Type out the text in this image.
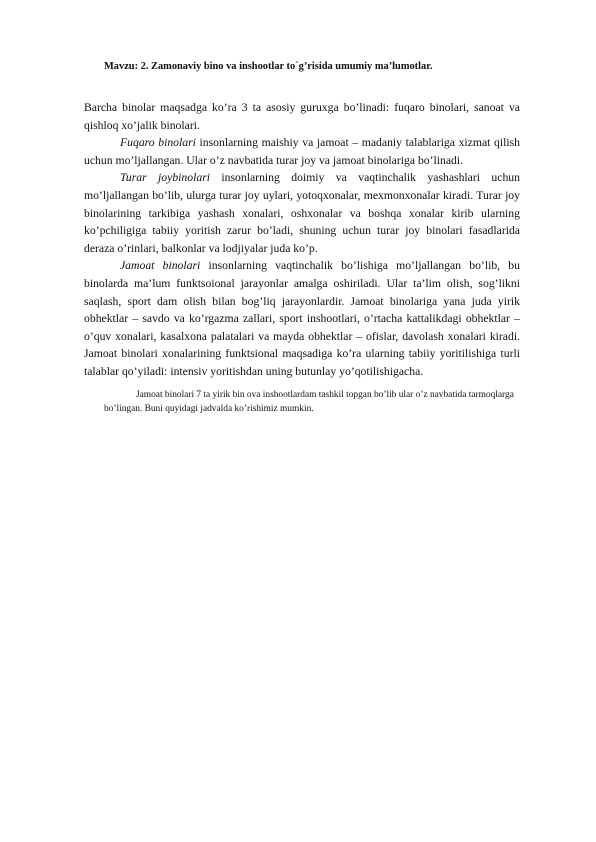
Mavzu: 2. Zamonaviy bino va inshootlar to`g’risida umumiy ma’lumotlar.

Barcha binolar maqsadga ko’ra 3 ta asosiy guruxga bo’linadi: fuqaro binolari, sanoat va qishloq xo’jalik binolari.

Fuqaro binolari insonlarning maishiy va jamoat – madaniy talablariga xizmat qilish uchun mo’ljallangan. Ular o’z navbatida turar joy va jamoat binolariga bo’linadi.

Turar joybinolari insonlarning doimiy va vaqtinchalik yashashlari uchun mo’ljallangan bo’lib, ulurga turar joy uylari, yotoqxonalar, mexmonxonalar kiradi. Turar joy binolarining tarkibiga yashash xonalari, oshxonalar va boshqa xonalar kirib ularning ko’pchiligiga tabiiy yoritish zarur bo’ladi, shuning uchun turar joy binolari fasadlarida deraza o’rinlari, balkonlar va lodjiyalar juda ko’p.

Jamoat binolari insonlarning vaqtinchalik bo’lishiga mo’ljallangan bo’lib, bu binolarda ma’lum funktsoional jarayonlar amalga oshiriladi. Ular ta’lim olish, sog’likni saqlash, sport dam olish bilan bog’liq jarayonlardir. Jamoat binolariga yana juda yirik obhektlar – savdo va ko’rgazma zallari, sport inshootlari, o’rtacha kattalikdagi obhektlar – o’quv xonalari, kasalxona palatalari va mayda obhektlar – ofislar, davolash xonalari kiradi. Jamoat binolari xonalarining funktsional maqsadiga ko’ra ularning tabiiy yoritilishiga turli talablar qo’yiladi: intensiv yoritishdan uning butunlay yo’qotilishigacha.

Jamoat binolari 7 ta yirik bin ova inshootlardam tashkil topgan bo’lib ular o’z navbatida tarmoqlarga bo’lingan. Buni quyidagi jadvalda ko’rishimiz mumkin.
